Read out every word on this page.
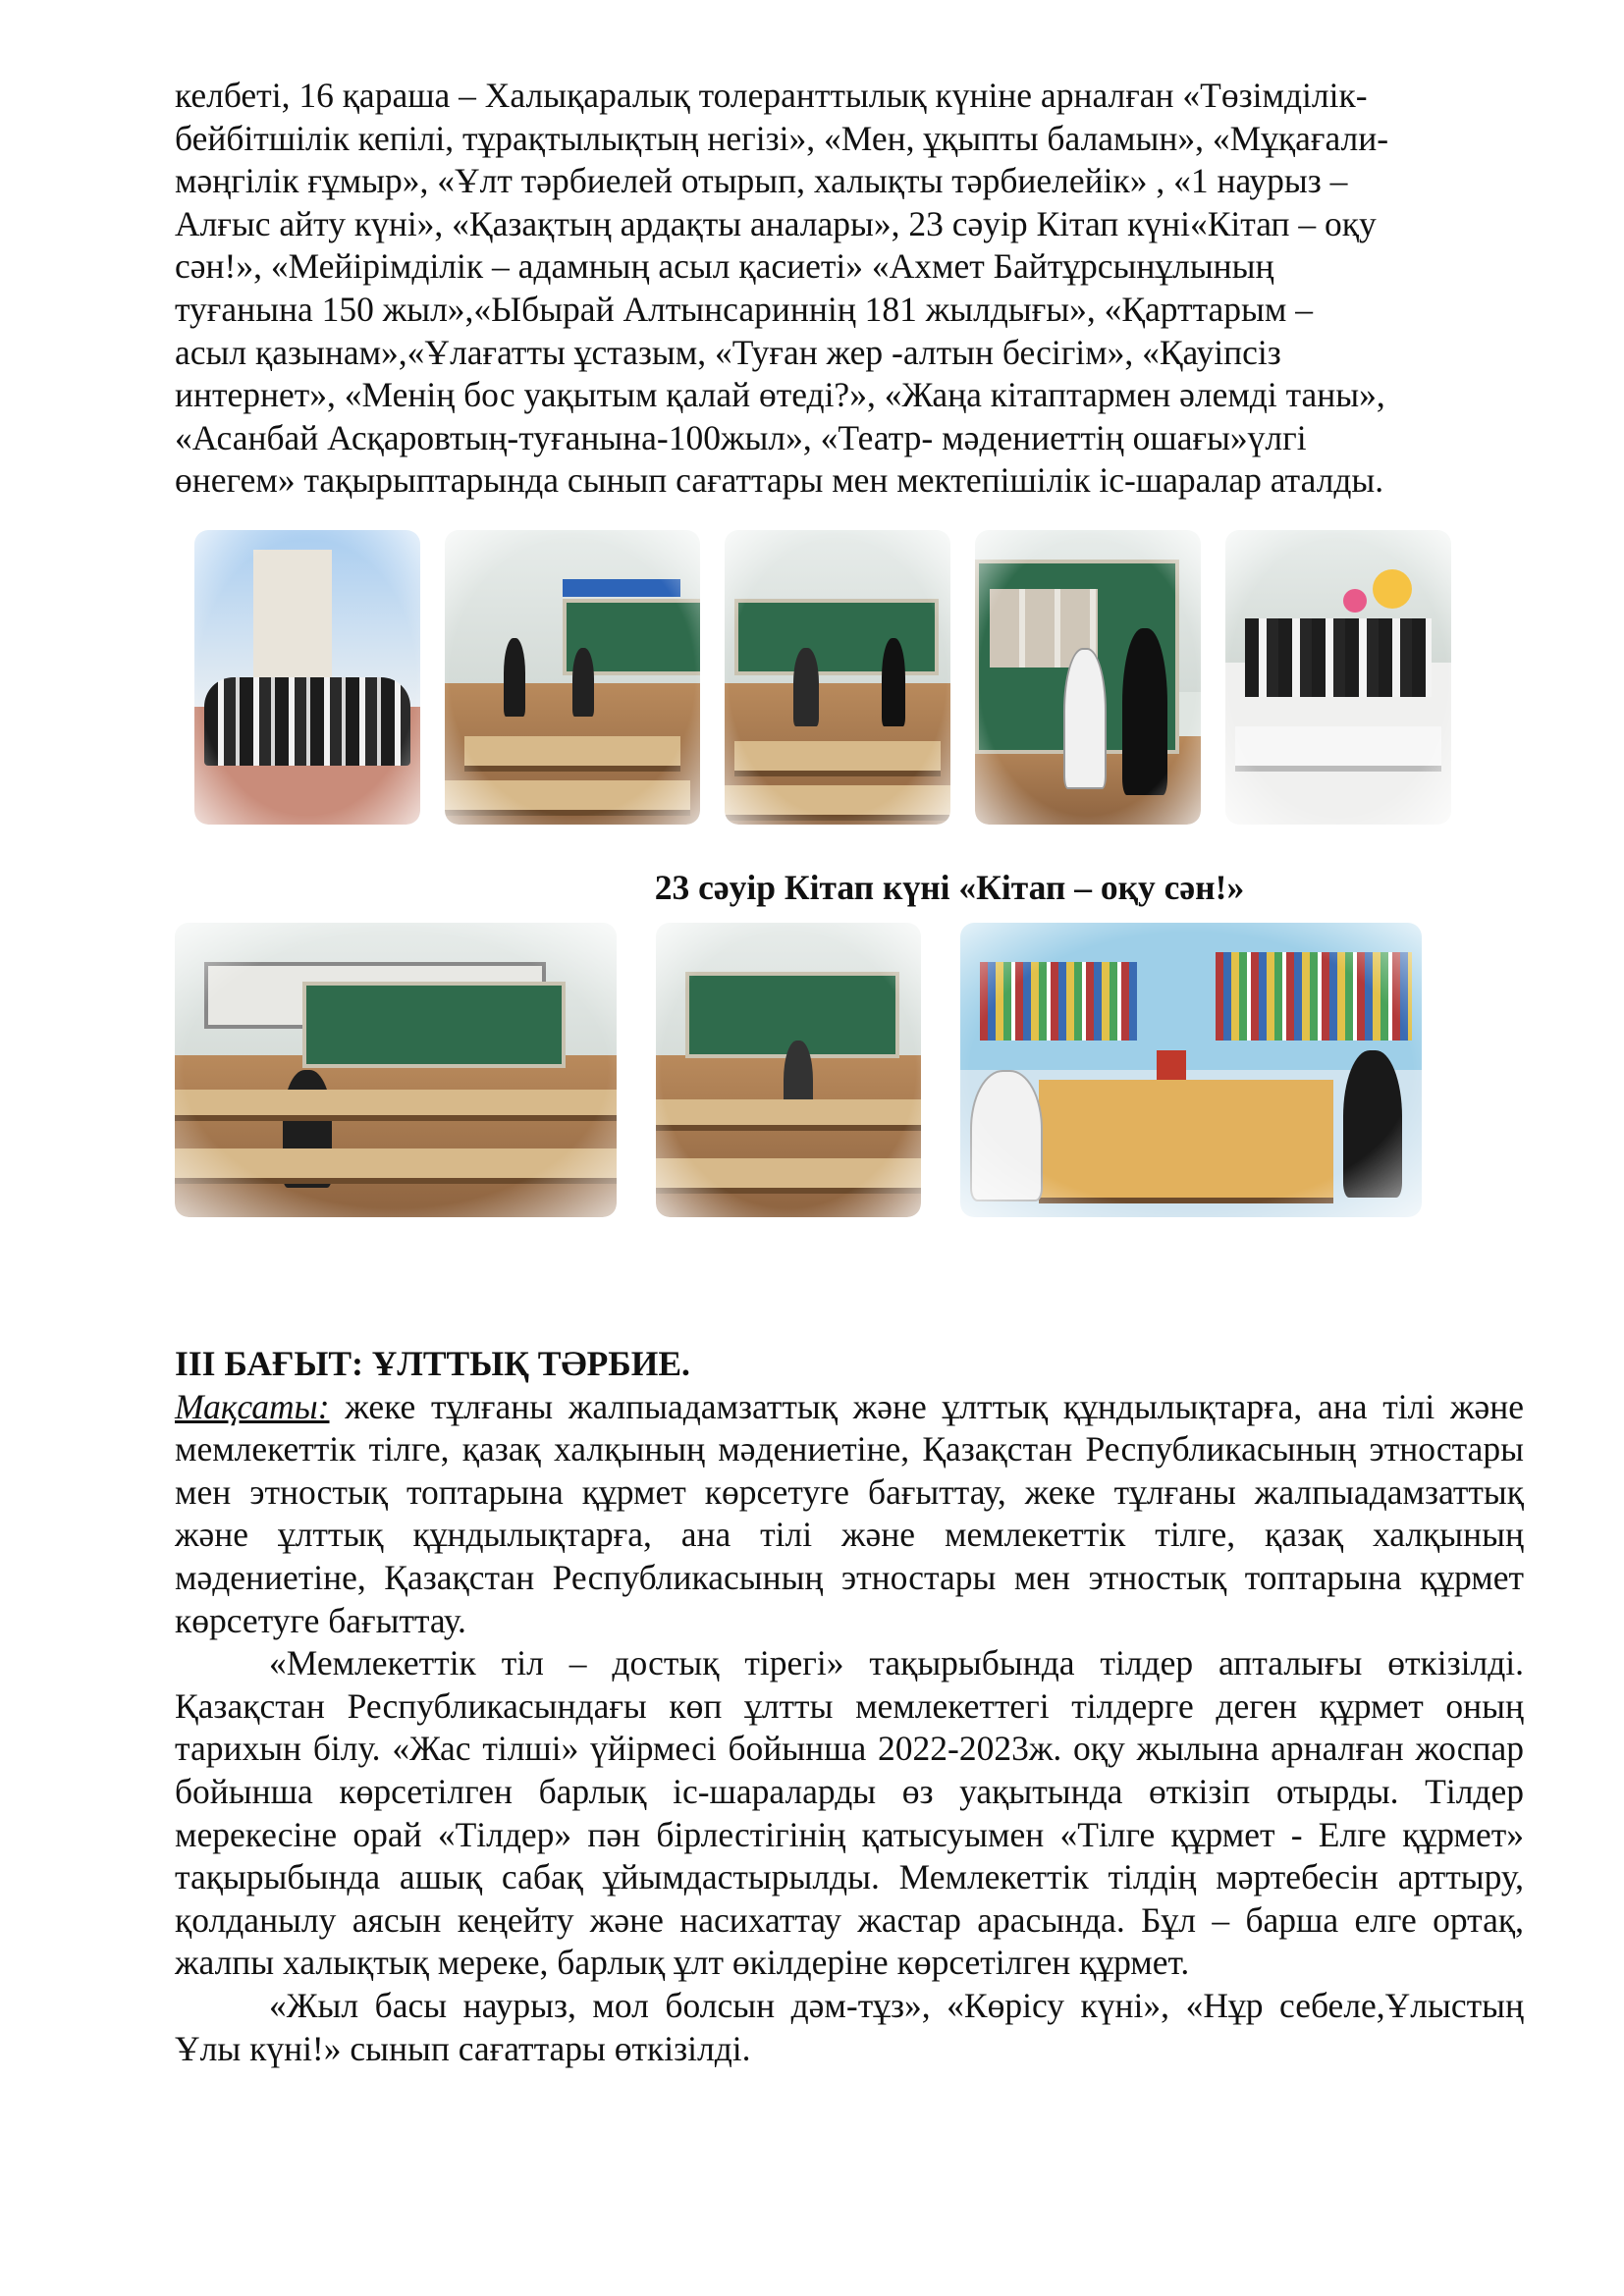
келбеті, 16 қараша – Халықаралық толеранттылық күніне арналған «Төзімділік-
бейбітшілік кепілі, тұрақтылықтың негізі», «Мен, ұқыпты баламын», «Мұқағали-
мәңгілік ғұмыр», «Ұлт тәрбиелей отырып, халықты тәрбиелейік» , «1 наурыз –
Алғыс айту күні», «Қазақтың ардақты аналары», 23 сәуір Кітап күні«Кітап – оқу
сән!», «Мейірімділік – адамның асыл қасиеті» «Ахмет Байтұрсынұлының
туғанына 150 жыл»,«Ыбырай Алтынсариннің 181 жылдығы», «Қарттарым –
асыл қазынам»,«Ұлағатты ұстазым, «Туған жер -алтын бесігім», «Қауіпсіз
интернет», «Менің бос уақытым қалай өтеді?», «Жаңа кітаптармен әлемді таны»,
«Асанбай Асқаровтың-туғанына-100жыл», «Театр- мәдениеттің ошағы»үлгі
өнегем» тақырыптарында сынып сағаттары мен мектепішілік іс-шаралар аталды.
23 сәуір Кітап күні «Кітап – оқу сән!»

ІІІ БАҒЫТ: ҰЛТТЫҚ ТӘРБИЕ.

Мақсаты: жеке тұлғаны жалпыадамзаттық және ұлттық құндылықтарға, ана тілі және мемлекеттік тілге, қазақ халқының мәдениетіне, Қазақстан Республикасының этностары мен этностық топтарына құрмет көрсетуге бағыттау, жеке тұлғаны жалпыадамзаттық және ұлттық құндылықтарға, ана тілі және мемлекеттік тілге, қазақ халқының мәдениетіне, Қазақстан Республикасының этностары мен этностық топтарына құрмет көрсетуге бағыттау.

«Мемлекеттік тіл – достық тірегі» тақырыбында тілдер апталығы өткізілді. Қазақстан Республикасындағы көп ұлтты мемлекеттегі тілдерге деген құрмет оның тарихын білу. «Жас тілші» үйірмесі бойынша 2022-2023ж. оқу жылына арналған жоспар бойынша көрсетілген барлық іс-шараларды өз уақытында өткізіп отырды. Тілдер мерекесіне орай «Тілдер» пән бірлестігінің қатысуымен «Тілге құрмет - Елге құрмет» тақырыбында ашық сабақ ұйымдастырылды. Мемлекеттік тілдің мәртебесін арттыру, қолданылу аясын кеңейту және насихаттау жастар арасында. Бұл – барша елге ортақ, жалпы халықтық мереке, барлық ұлт өкілдеріне көрсетілген құрмет.

«Жыл басы наурыз, мол болсын дәм-тұз», «Көрісу күні», «Нұр себеле,Ұлыстың Ұлы күні!» сынып сағаттары өткізілді.
